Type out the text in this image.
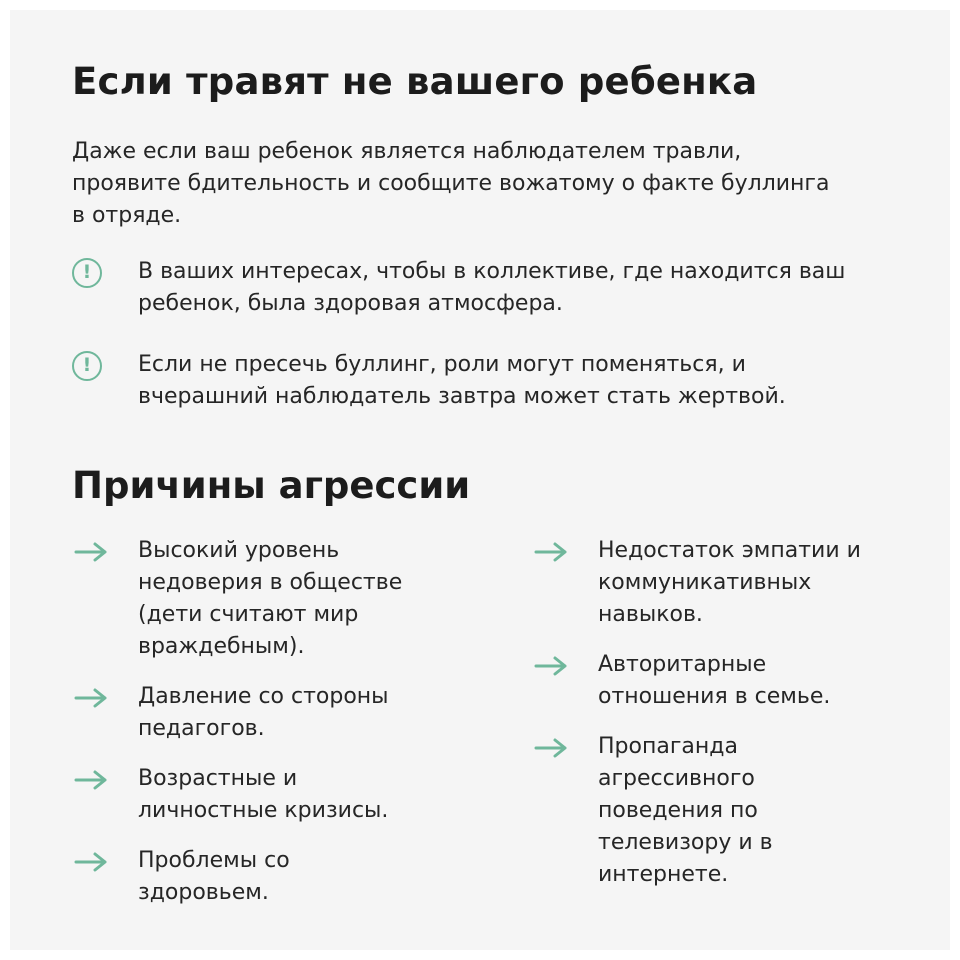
Если травят не вашего ребенка

Даже если ваш ребенок является наблюдателем травли, проявите бдительность и сообщите вожатому о факте буллинга в отряде.

!	В ваших интересах, чтобы в коллективе, где находится ваш ребенок, была здоровая атмосфера.

!	Если не пресечь буллинг, роли могут поменяться, и вчерашний наблюдатель завтра может стать жертвой.

Причины агрессии

Высокий уровень недоверия в обществе (дети считают мир враждебным).

Давление со стороны педагогов.

Возрастные и личностные кризисы.

Проблемы со здоровьем.

Недостаток эмпатии и коммуникативных навыков.

Авторитарные отношения в семье.

Пропаганда агрессивного поведения по телевизору и в интернете.
